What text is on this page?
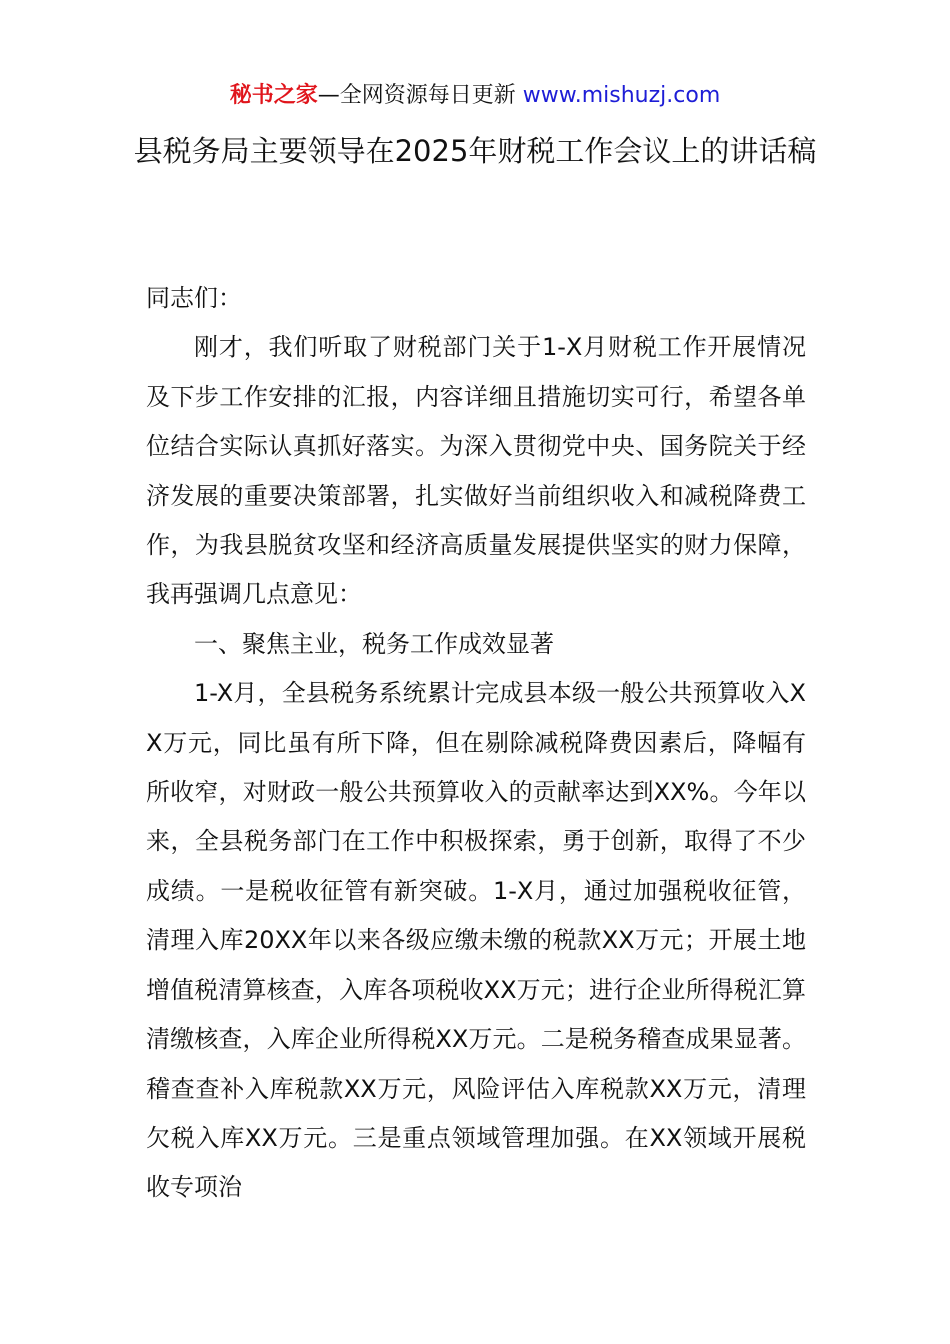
秘书之家—全网资源每日更新 www.mishuzj.com
县税务局主要领导在2025年财税工作会议上的讲话稿

同志们：

刚才，我们听取了财税部门关于1-X月财税工作开展情况及下步工作安排的汇报，内容详细且措施切实可行，希望各单位结合实际认真抓好落实。为深入贯彻党中央、国务院关于经济发展的重要决策部署，扎实做好当前组织收入和减税降费工作，为我县脱贫攻坚和经济高质量发展提供坚实的财力保障，我再强调几点意见：

一、聚焦主业，税务工作成效显著

1-X月，全县税务系统累计完成县本级一般公共预算收入XX万元，同比虽有所下降，但在剔除减税降费因素后，降幅有所收窄，对财政一般公共预算收入的贡献率达到XX%。今年以来，全县税务部门在工作中积极探索，勇于创新，取得了不少成绩。一是税收征管有新突破。1-X月，通过加强税收征管，清理入库20XX年以来各级应缴未缴的税款XX万元；开展土地增值税清算核查，入库各项税收XX万元；进行企业所得税汇算清缴核查，入库企业所得税XX万元。二是税务稽查成果显著。稽查查补入库税款XX万元，风险评估入库税款XX万元，清理欠税入库XX万元。三是重点领域管理加强。在XX领域开展税收专项治
